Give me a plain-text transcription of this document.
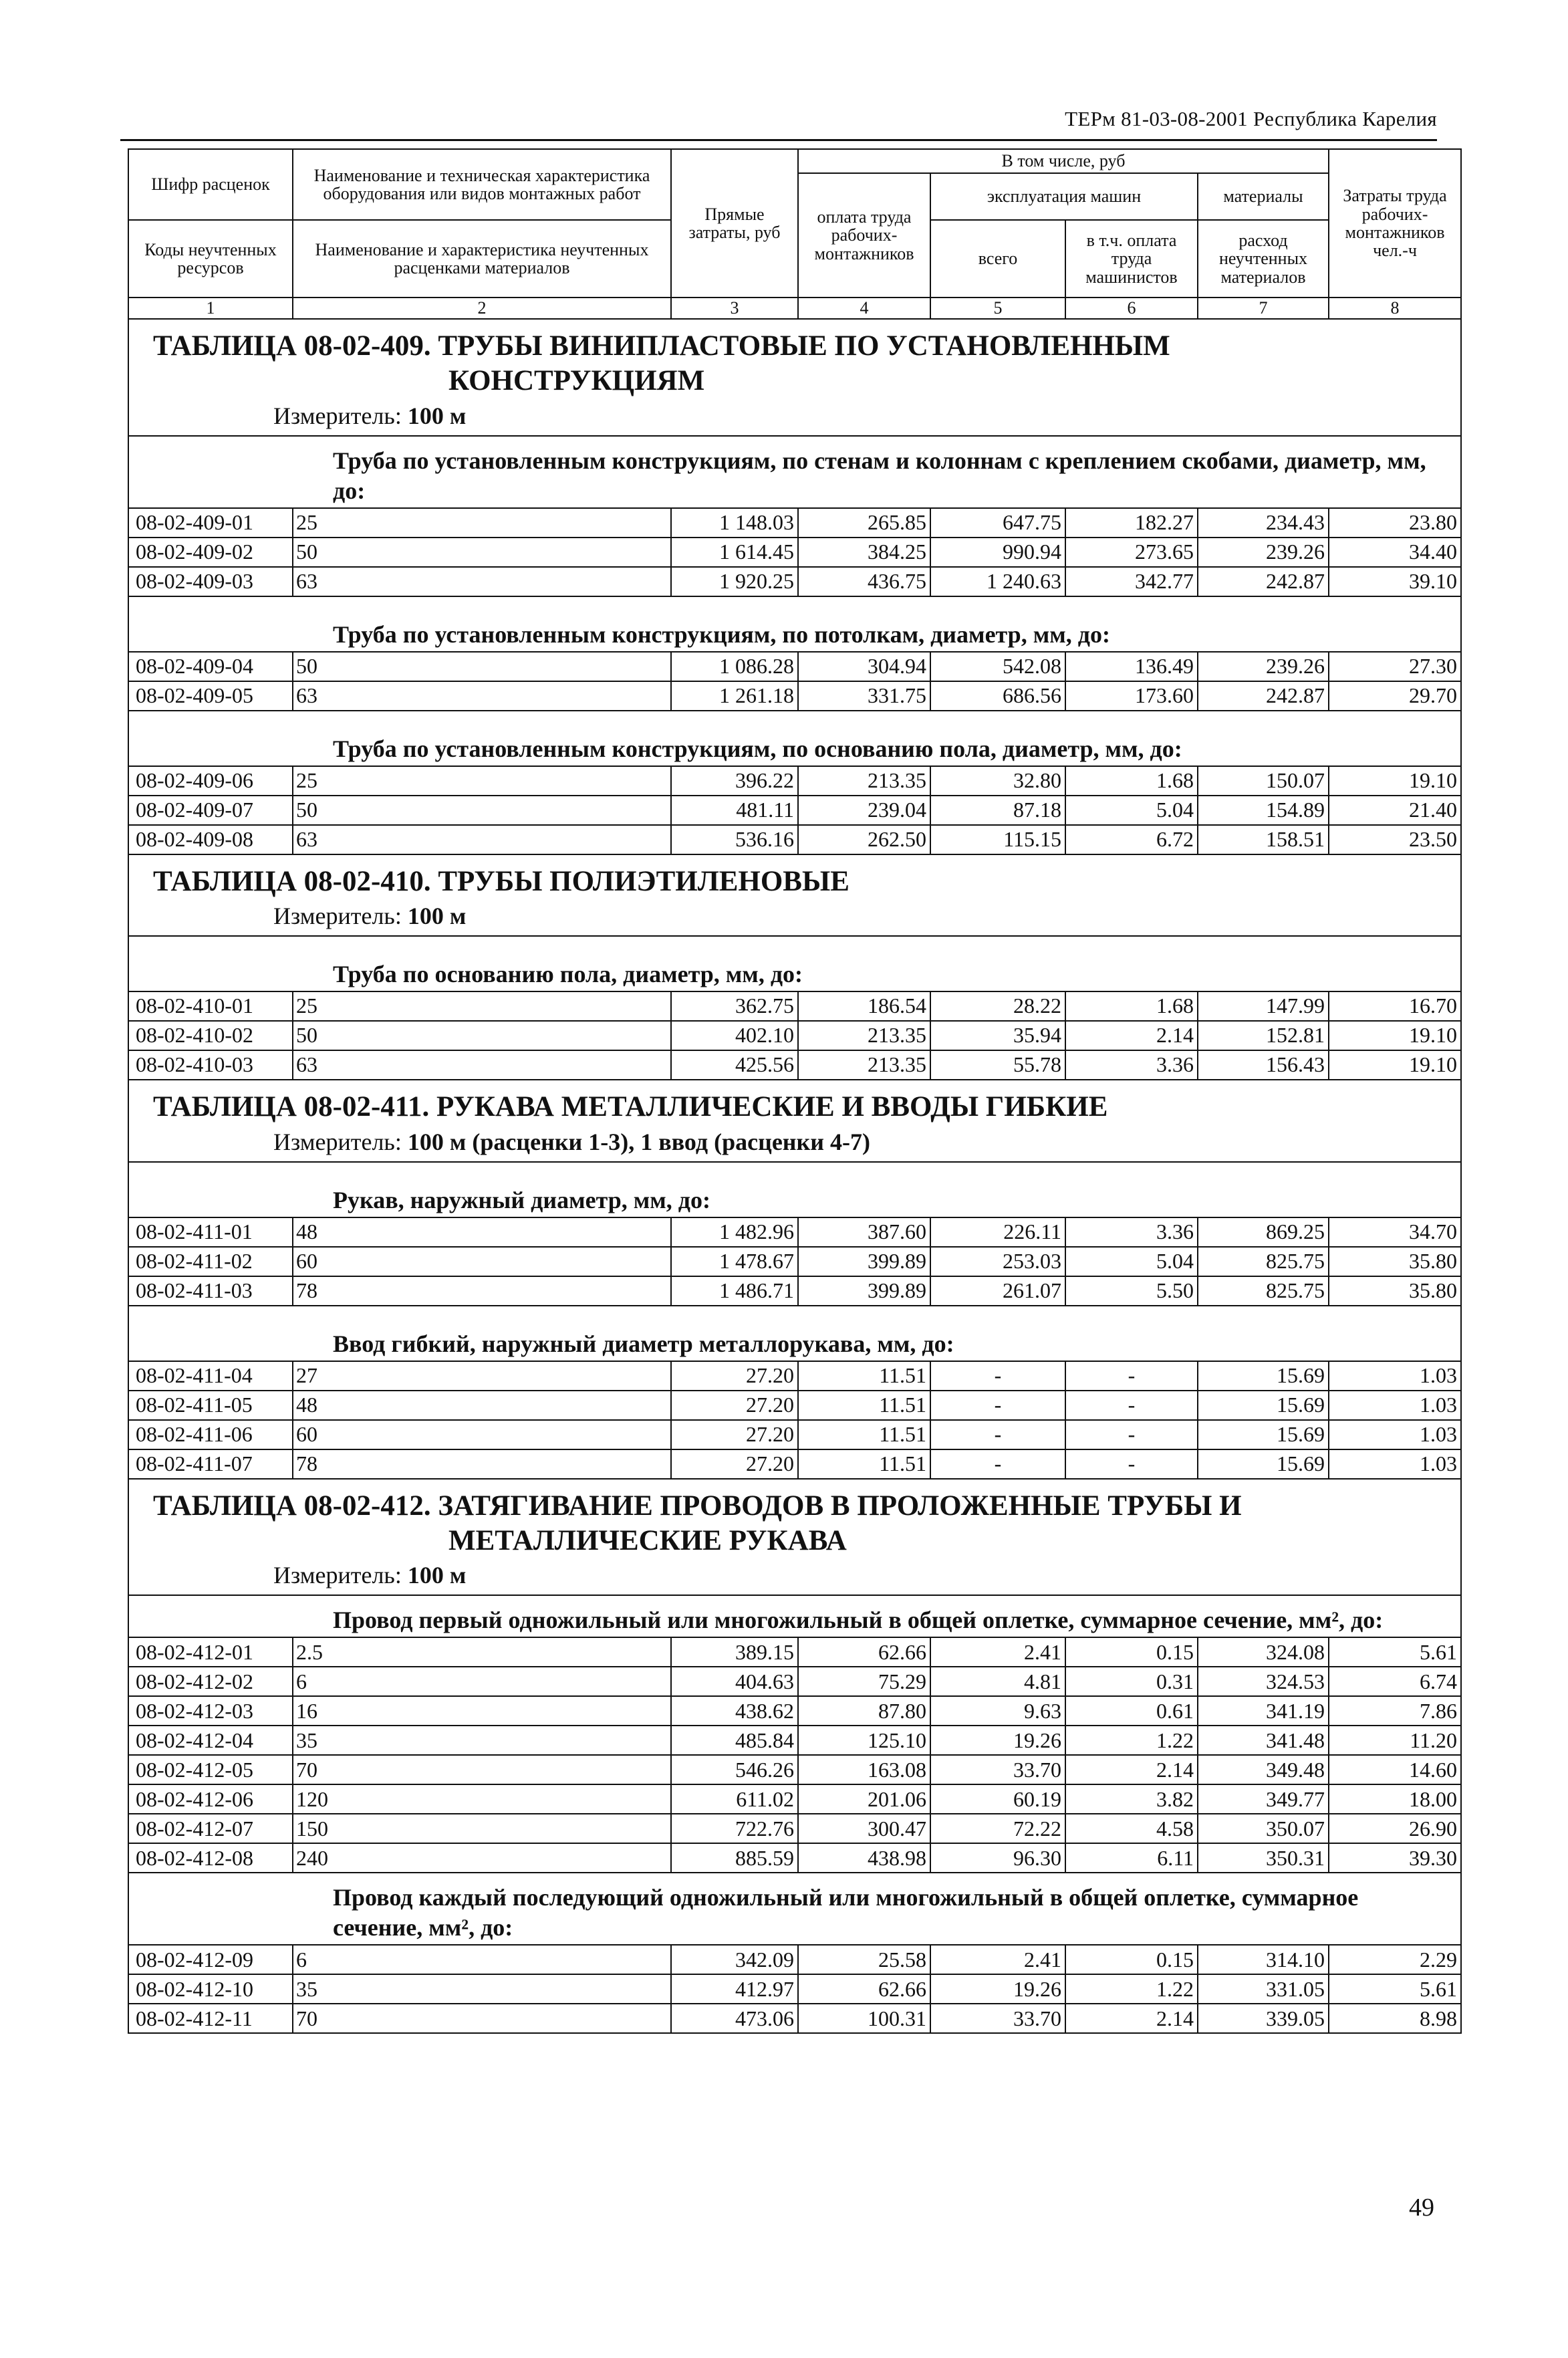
ТЕРм 81-03-08-2001 Республика Карелия
Шифр расценок	Наименование и техническая характеристика оборудования или видов монтажных работ	Прямые затраты, руб	В том числе, руб				Затраты труда рабочих-монтажников чел.-ч
			оплата труда рабочих-монтажников	эксплуатация машин		материалы	
Коды неучтенных ресурсов	Наименование и характеристика неучтенных расценками материалов			всего	в т.ч. оплата труда машинистов	расход неучтенных материалов	

1	2	3	4	5	6	7	8
ТАБЛИЦА 08-02-409. ТРУБЫ ВИНИПЛАСТОВЫЕ ПО УСТАНОВЛЕННЫМ
КОНСТРУКЦИЯМ
Измеритель: 100 м							

Труба по установленным конструкциям, по стенам и колоннам с креплением скобами, диаметр, мм, до:							
08-02-409-01	25	1 148.03	265.85	647.75	182.27	234.43	23.80
08-02-409-02	50	1 614.45	384.25	990.94	273.65	239.26	34.40
08-02-409-03	63	1 920.25	436.75	1 240.63	342.77	242.87	39.10
Труба по установленным конструкциям, по потолкам, диаметр, мм, до:							
08-02-409-04	50	1 086.28	304.94	542.08	136.49	239.26	27.30
08-02-409-05	63	1 261.18	331.75	686.56	173.60	242.87	29.70
Труба по установленным конструкциям, по основанию пола, диаметр, мм, до:							
08-02-409-06	25	396.22	213.35	32.80	1.68	150.07	19.10
08-02-409-07	50	481.11	239.04	87.18	5.04	154.89	21.40
08-02-409-08	63	536.16	262.50	115.15	6.72	158.51	23.50
ТАБЛИЦА 08-02-410. ТРУБЫ ПОЛИЭТИЛЕНОВЫЕ
Измеритель: 100 м							

Труба по основанию пола, диаметр, мм, до:							
08-02-410-01	25	362.75	186.54	28.22	1.68	147.99	16.70
08-02-410-02	50	402.10	213.35	35.94	2.14	152.81	19.10
08-02-410-03	63	425.56	213.35	55.78	3.36	156.43	19.10
ТАБЛИЦА 08-02-411. РУКАВА МЕТАЛЛИЧЕСКИЕ И ВВОДЫ ГИБКИЕ
Измеритель: 100 м (расценки 1-3), 1 ввод (расценки 4-7)							

Рукав, наружный диаметр, мм, до:							
08-02-411-01	48	1 482.96	387.60	226.11	3.36	869.25	34.70
08-02-411-02	60	1 478.67	399.89	253.03	5.04	825.75	35.80
08-02-411-03	78	1 486.71	399.89	261.07	5.50	825.75	35.80
Ввод гибкий, наружный диаметр металлорукава, мм, до:							
08-02-411-04	27	27.20	11.51	-	-	15.69	1.03
08-02-411-05	48	27.20	11.51	-	-	15.69	1.03
08-02-411-06	60	27.20	11.51	-	-	15.69	1.03
08-02-411-07	78	27.20	11.51	-	-	15.69	1.03
ТАБЛИЦА 08-02-412. ЗАТЯГИВАНИЕ ПРОВОДОВ В ПРОЛОЖЕННЫЕ ТРУБЫ И
МЕТАЛЛИЧЕСКИЕ РУКАВА
Измеритель: 100 м							

Провод первый одножильный или многожильный в общей оплетке, суммарное сечение, мм², до:							
08-02-412-01	2.5	389.15	62.66	2.41	0.15	324.08	5.61
08-02-412-02	6	404.63	75.29	4.81	0.31	324.53	6.74
08-02-412-03	16	438.62	87.80	9.63	0.61	341.19	7.86
08-02-412-04	35	485.84	125.10	19.26	1.22	341.48	11.20
08-02-412-05	70	546.26	163.08	33.70	2.14	349.48	14.60
08-02-412-06	120	611.02	201.06	60.19	3.82	349.77	18.00
08-02-412-07	150	722.76	300.47	72.22	4.58	350.07	26.90
08-02-412-08	240	885.59	438.98	96.30	6.11	350.31	39.30
Провод каждый последующий одножильный или многожильный в общей оплетке, суммарное сечение, мм², до:							
08-02-412-09	6	342.09	25.58	2.41	0.15	314.10	2.29
08-02-412-10	35	412.97	62.66	19.26	1.22	331.05	5.61
08-02-412-11	70	473.06	100.31	33.70	2.14	339.05	8.98
49
